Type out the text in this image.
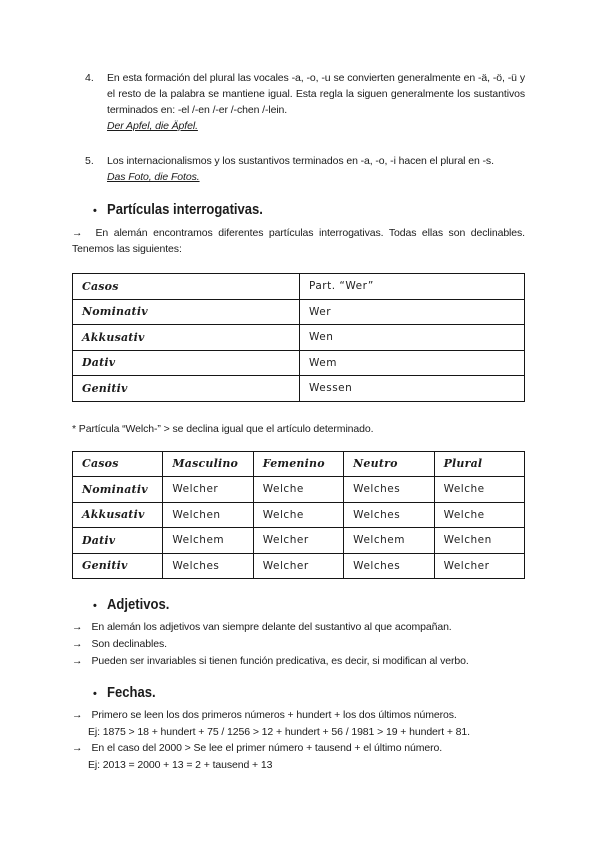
4.	En esta formación del plural las vocales -a, -o, -u se convierten generalmente en -ä, -ö, -ü y el resto de la palabra se mantiene igual. Esta regla la siguen generalmente los sustantivos terminados en: -el /-en /-er /-chen /-lein.

Der Apfel, die Äpfel.

5.	Los internacionalismos y los sustantivos terminados en -a, -o, -i hacen el plural en -s.

Das Foto, die Fotos.

• Partículas interrogativas.

→ En alemán encontramos diferentes partículas interrogativas. Todas ellas son declinables. Tenemos las siguientes:

Casos	Part. “Wer”
Nominativ	Wer
Akkusativ	Wen
Dativ	Wem
Genitiv	Wessen

* Partícula “Welch-” > se declina igual que el artículo determinado.

Casos	Masculino	Femenino	Neutro	Plural
Nominativ	Welcher	Welche	Welches	Welche
Akkusativ	Welchen	Welche	Welches	Welche
Dativ	Welchem	Welcher	Welchem	Welchen
Genitiv	Welches	Welcher	Welches	Welcher
• Adjetivos.

→ En alemán los adjetivos van siempre delante del sustantivo al que acompañan.

→ Son declinables.

→ Pueden ser invariables si tienen función predicativa, es decir, si modifican al verbo.

• Fechas.

→ Primero se leen los dos primeros números + hundert + los dos últimos números.

Ej: 1875 > 18 + hundert + 75 / 1256 > 12 + hundert + 56 / 1981 > 19 + hundert + 81.

→ En el caso del 2000 > Se lee el primer número + tausend + el último número.

Ej: 2013 = 2000 + 13 = 2 + tausend + 13
